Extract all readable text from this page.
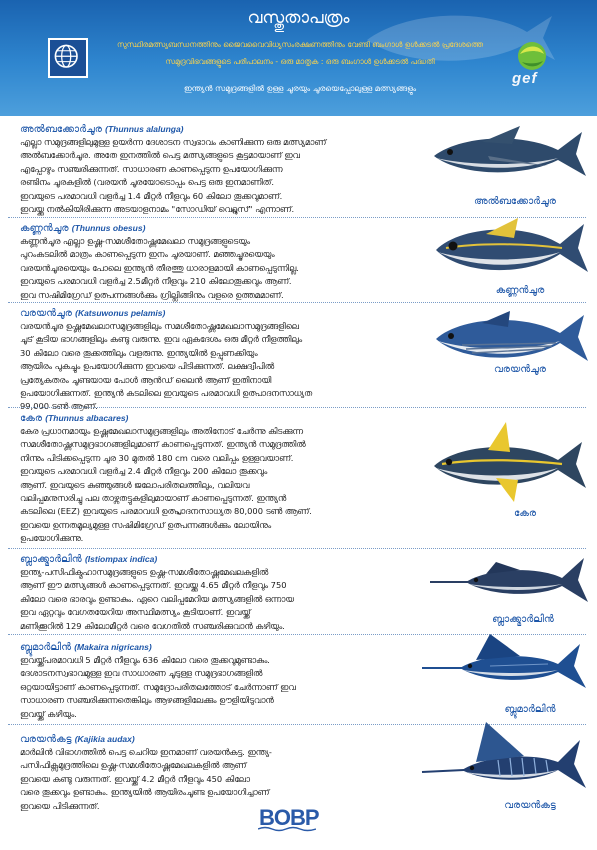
gef
വസ്തുതാപത്രം
സുസ്ഥിരമത്സ്യബന്ധനത്തിനും ജൈവവൈവിധ്യസംരക്ഷണത്തിനും വേണ്ടി ബംഗാൾ ഉൾക്കടൽ പ്രദേശത്തെ
സമുദ്രവിഭവങ്ങളുടെ പരിപാലനം - ഒരു മാതൃക : ഒരു ബംഗാൾ ഉൾക്കടൽ പദ്ധതി
ഇന്ത്യൻ സമുദ്രങ്ങളിൽ ഉള്ള ചൂരയും ചൂരയെപ്പോലുള്ള മത്സ്യങ്ങളും
അൽബക്കോർചൂര (Thunnus alalunga)
എല്ലാ സമുദ്രങ്ങളിലുമുള്ള ഉയർന്ന ദേശാടന സ്വഭാവം കാണിക്കുന്ന ഒരു മത്സ്യമാണ്
അൽബക്കോർചൂര. അതേ ഇനത്തിൽ പെട്ട മത്സ്യങ്ങളുടെ കൂട്ടമായാണ് ഇവ
എപ്പോഴും സഞ്ചരിക്കുന്നത്. സാധാരണ കാണപ്പെടുന്ന ഉപയോഗിക്കുന്ന
രണ്ടിനം ചൂരകളിൽ (വരയൻ ചൂരയോടൊപ്പം പെട്ട ഒരു ഇനമാണിത്.
ഇവയുടെ പരമാവധി വളർച്ച 1.4 മീറ്റർ നീളവും 60 കിലോ തൂക്കവുമാണ്.
ഇവയ്ക്കു നൽകിയിരിക്കുന്ന അടയാളനാമം "സോഡിയ് വെറ്റ്ലൂസ്" എന്നാണ്.
അൽബക്കോർചൂര
കണ്ണൻചൂര (Thunnus obesus)
കണ്ണൻചൂര എല്ലാ ഉഷ്ണ-സമശീതോഷ്ണമേഖലാ സമുദ്രങ്ങളുടെയും
പുറംകടലിൽ മാത്രം കാണപ്പെടുന്ന ഇനം ചൂരയാണ്. മഞ്ഞച്ചൂരയെയും
വരയൻചൂരയെയും പോലെ ഇന്ത്യൻ തീരത്തു ധാരാളമായി കാണപ്പെടുന്നില്ല.
ഇവയുടെ പരമാവധി വളർച്ച 2.5മീറ്റർ നീളവും 210 കിലോതൂക്കവും ആണ്.
ഇവ സഷിമിഗ്രേഡ് ഉത്പന്നങ്ങൾക്കും ഗ്രില്ലിങ്ങിനും വളരെ ഉത്തമമാണ്.	കണ്ണൻചൂര
വരയൻചൂര (Katsuwonus pelamis)
വരയൻചൂര ഉഷ്ണമേഖലാസമുദ്രങ്ങളിലും സമശീതോഷ്ണമേഖലാസമുദ്രങ്ങളിലെ
ചൂട് കൂടിയ ഭാഗങ്ങളിലും കണ്ടു വരുന്നു. ഇവ ഏകദേശം ഒരു മീറ്റർ നീളത്തിലും
30 കിലോ വരെ തൂക്കത്തിലും വളരുന്നു. ഇന്ത്യയിൽ ഉപ്പുണക്കിയും
ആയിരം പുകച്ചും ഉപയോഗിക്കുന്ന ഇവയെ പിടിക്കുന്നത്. ലക്ഷദ്വീപിൽ
പ്രത്യേകതരം ചൂണ്ടയായ പോൾ ആൻഡ് ലൈൻ ആണ് ഇതിനായി
ഉപയോഗിക്കുന്നത്. ഇന്ത്യൻ കടലിലെ ഇവയുടെ പരമാവധി ഉത്പാദനസാധ്യത
99,000 ടൺ ആണ്.
വരയൻചൂര
കേര (Thunnus albacares)
കേര പ്രധാനമായും ഉഷ്ണമേഖലാസമുദ്രങ്ങളിലും അതിനോട് ചേർന്നു കിടക്കുന്ന
സമശീതോഷ്ണസമുദ്രഭാഗങ്ങളിലുമാണ് കാണപ്പെടുന്നത്. ഇന്ത്യൻ സമുദ്രത്തിൽ
നിന്നും പിടിക്കപ്പെടുന്ന ചൂര 30 മുതൽ 180 cm വരെ വലിപ്പം ഉള്ളവയാണ്.
ഇവയുടെ പരമാവധി വളർച്ച 2.4 മീറ്റർ നീളവും 200 കിലോ തൂക്കവും
ആണ്. ഇവയുടെ കുഞ്ഞുങ്ങൾ ജലോപരിതലത്തിലും, വലിയവ
വലിപ്പമനുസരിച്ചു പല താഴ്ന്നതട്ടുകളിലുമായാണ് കാണപ്പെടുന്നത്. ഇന്ത്യൻ
കടലിലെ (EEZ) ഇവയുടെ പരമാവധി ഉത്പ്പാദനസാധ്യത 80,000 ടൺ ആണ്.
ഇവയെ ഉന്നതമൂല്യമുള്ള സഷിമിഗ്രേഡ് ഉത്പന്നങ്ങൾക്കും ലോയിനും
ഉപയോഗിക്കുന്നു.
കേര
ബ്ലാക്ക്മാർലിൻ (Istiompax indica)
ഇന്ത്യ-പസിഫിക്മഹാസമുദ്രങ്ങളുടെ ഉഷ്ണ-സമശീതോഷ്ണമേഖലകളിൽ
ആണ് ഈ മത്സ്യങ്ങൾ കാണപ്പെടുന്നത്. ഇവയ്ക്കു 4.65 മീറ്റർ നീളവും 750
കിലോ വരെ ഭാരവും ഉണ്ടാകും. ഏറെ വലിപ്പമേറിയ മത്സ്യങ്ങളിൽ ഒന്നായ
ഇവ ഏറ്റവും വേഗതയേറിയ അസ്ഥിമത്സ്യം കൂടിയാണ്. ഇവയ്ക്ക്
മണിക്കൂറിൽ 129 കിലോമീറ്റർ വരെ വേഗതിൽ സഞ്ചരിക്കുവാൻ കഴിയും.
ബ്ലാക്ക്മാർലിൻ
ബ്ലൂമാർലിൻ (Makaira nigricans)
ഇവയ്ക്ക്പരമാവധി 5 മീറ്റർ നീളവും 636 കിലോ വരെ തൂക്കവുമുണ്ടാകും.
ദേശാടനസ്വഭാവമുള്ള ഇവ സാധാരണ ചൂടുള്ള സമുദ്രഭാഗങ്ങളിൽ
ഒറ്റയായിട്ടാണ് കാണപ്പെടുന്നത്. സമുദ്രോപരിതലത്തോട് ചേർന്നാണ് ഇവ
സാധാരണ സഞ്ചരിക്കുന്നതെങ്കിലും ആഴങ്ങളിലേക്കും ഊളിയിടുവാൻ
ഇവയ്ക്ക് കഴിയും.	ബ്ലൂമാർലിൻ
വരയൻകട്ട (Kajikia audax)
മാർലിൻ വിഭാഗത്തിൽ പെട്ട ചെറിയ ഇനമാണ് വരയൻകട്ട. ഇന്ത്യ-
പസിഫിക്സമുദ്രത്തിലെ ഉഷ്ണ-സമശീതോഷ്ണമേഖലകളിൽ ആണ്
ഇവയെ കണ്ടു വരുന്നത്. ഇവയ്ക്ക് 4.2 മീറ്റർ നീളവും 450 കിലോ
വരെ തൂക്കവും ഉണ്ടാകും. ഇന്ത്യയിൽ ആയിരംചൂണ്ട ഉപയോഗിച്ചാണ്
ഇവയെ പിടിക്കുന്നത്.	വരയൻകട്ട
BOBP
